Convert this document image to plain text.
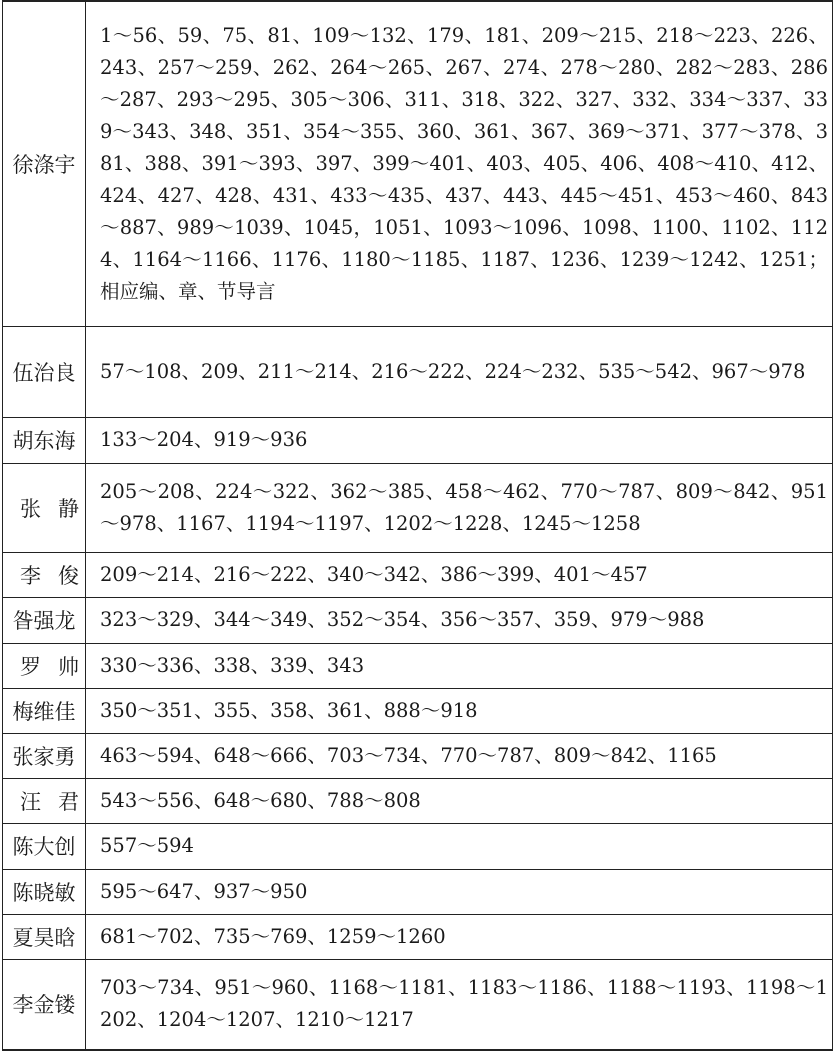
徐涤宇	1～56、59、75、81、109～132、179、181、209～215、218～223、226、243、257～259、262、264～265、267、274、278～280、282～283、286～287、293～295、305～306、311、318、322、327、332、334～337、339～343、348、351、354～355、360、361、367、369～371、377～378、381、388、391～393、397、399～401、403、405、406、408～410、412、424、427、428、431、433～435、437、443、445～451、453～460、843～887、989～1039、1045，1051、1093～1096、1098、1100、1102、1124、1164～1166、1176、1180～1185、1187、1236、1239～1242、1251；相应编、章、节导言
伍治良	57～108、209、211～214、216～222、224～232、535～542、967～978
胡东海	133～204、919～936
张静	205～208、224～322、362～385、458～462、770～787、809～842、951～978、1167、1194～1197、1202～1228、1245～1258
李俊	209～214、216～222、340～342、386～399、401～457
昝强龙	323～329、344～349、352～354、356～357、359、979～988
罗帅	330～336、338、339、343
梅维佳	350～351、355、358、361、888～918
张家勇	463～594、648～666、703～734、770～787、809～842、1165
汪君	543～556、648～680、788～808
陈大创	557～594
陈晓敏	595～647、937～950
夏昊晗	681～702、735～769、1259～1260
李金镂	703～734、951～960、1168～1181、1183～1186、1188～1193、1198～1202、1204～1207、1210～1217
